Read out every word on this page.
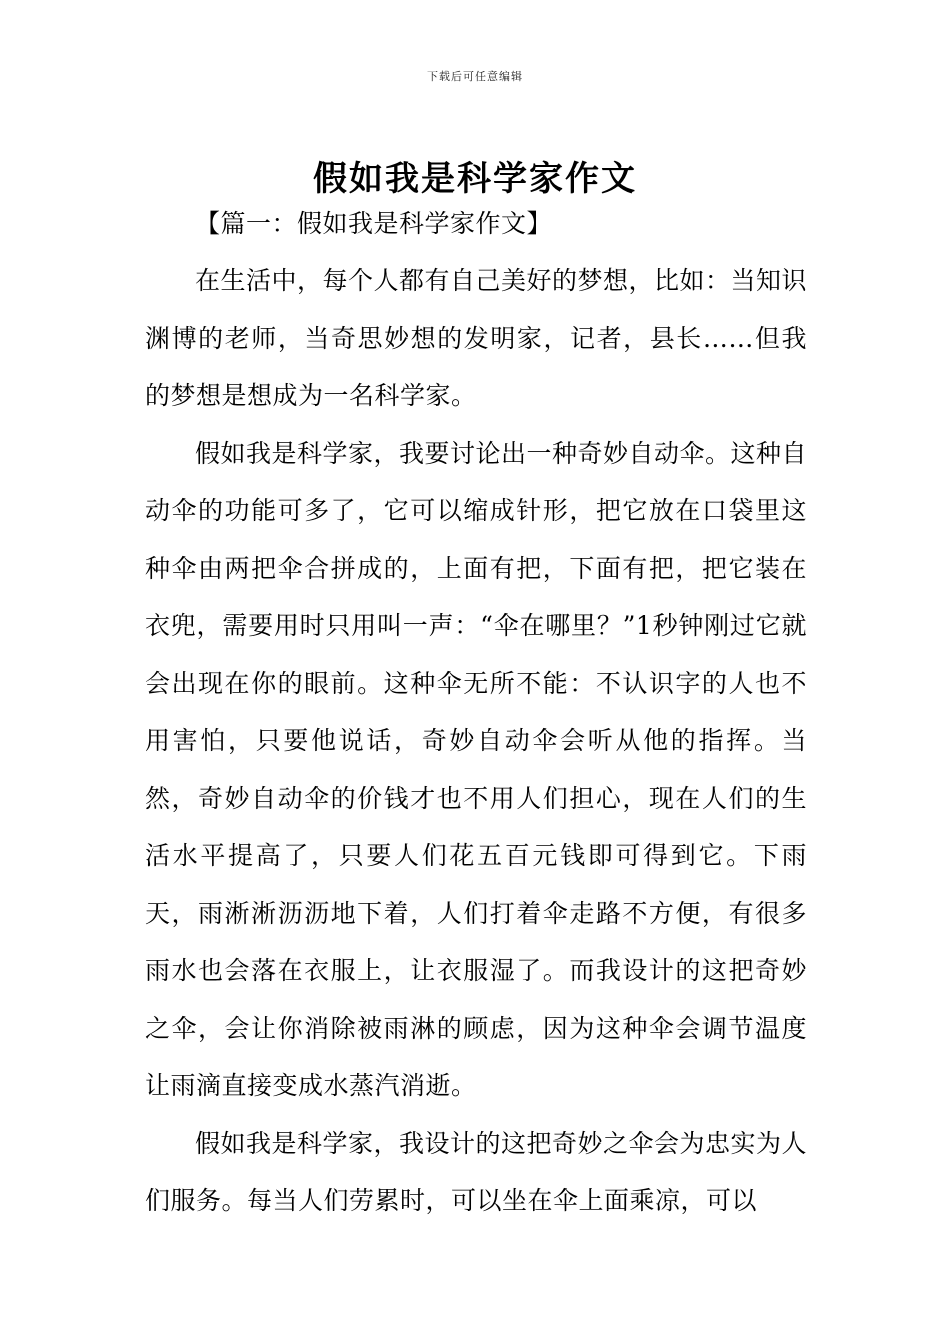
下载后可任意编辑
假如我是科学家作文

【篇一：假如我是科学家作文】

在生活中，每个人都有自己美好的梦想，比如：当知识渊博的老师，当奇思妙想的发明家，记者，县长……但我的梦想是想成为一名科学家。

假如我是科学家，我要讨论出一种奇妙自动伞。这种自动伞的功能可多了，它可以缩成针形，把它放在口袋里这种伞由两把伞合拼成的，上面有把，下面有把，把它装在衣兜，需要用时只用叫一声：“伞在哪里？”1秒钟刚过它就会出现在你的眼前。这种伞无所不能：不认识字的人也不用害怕，只要他说话，奇妙自动伞会听从他的指挥。当然，奇妙自动伞的价钱才也不用人们担心，现在人们的生活水平提高了，只要人们花五百元钱即可得到它。下雨天，雨淅淅沥沥地下着，人们打着伞走路不方便，有很多雨水也会落在衣服上，让衣服湿了。而我设计的这把奇妙之伞，会让你消除被雨淋的顾虑，因为这种伞会调节温度让雨滴直接变成水蒸汽消逝。

假如我是科学家，我设计的这把奇妙之伞会为忠实为人们服务。每当人们劳累时，可以坐在伞上面乘凉，可以
